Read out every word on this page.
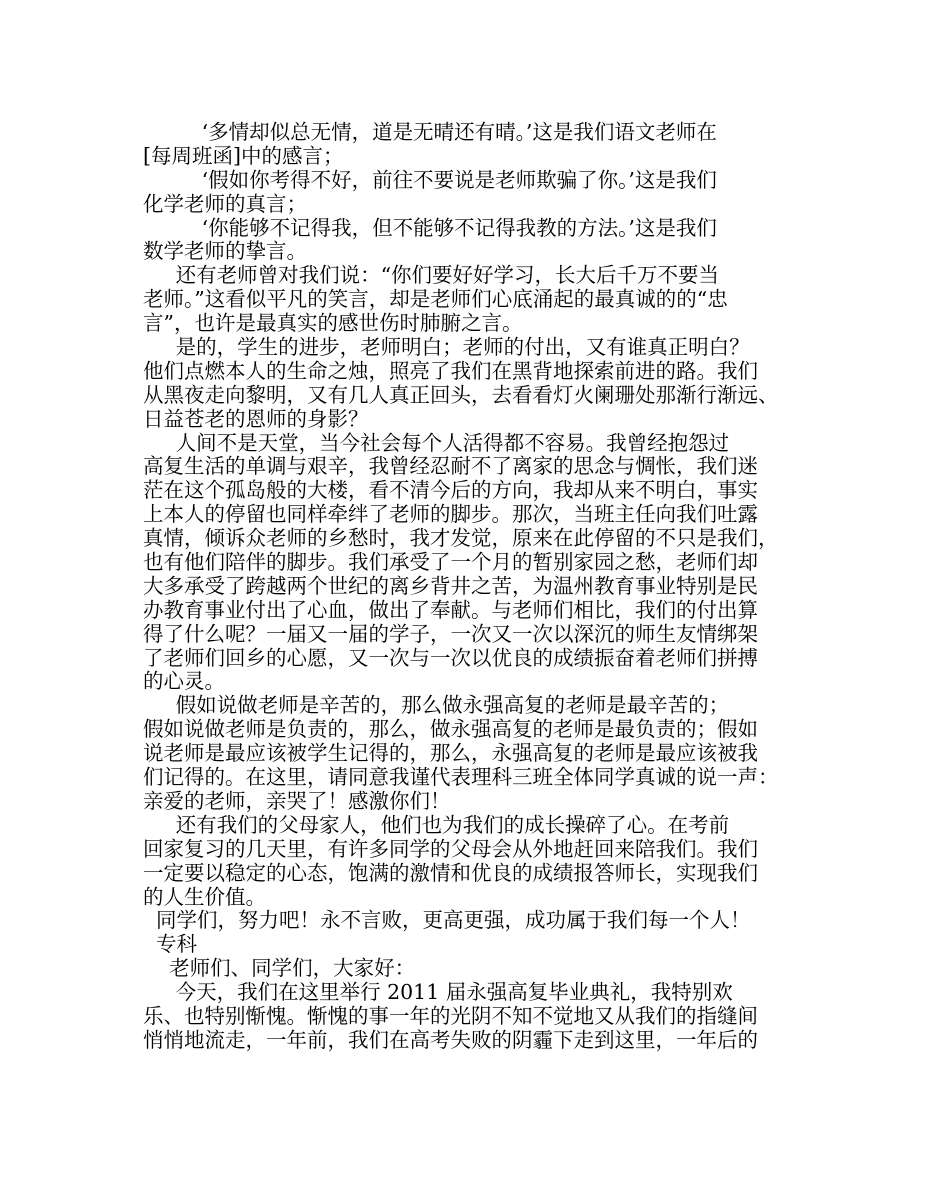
‘多情却似总无情，道是无晴还有晴。’这是我们语文老师在
[每周班函]中的感言；
‘假如你考得不好，前往不要说是老师欺骗了你。’这是我们
化学老师的真言；
‘你能够不记得我，但不能够不记得我教的方法。’这是我们
数学老师的挚言。
还有老师曾对我们说：“你们要好好学习，长大后千万不要当
老师。”这看似平凡的笑言，却是老师们心底涌起的最真诚的的“忠
言”，也许是最真实的感世伤时肺腑之言。
是的，学生的进步，老师明白；老师的付出，又有谁真正明白？
他们点燃本人的生命之烛，照亮了我们在黑背地探索前进的路。我们
从黑夜走向黎明，又有几人真正回头，去看看灯火阑珊处那渐行渐远、
日益苍老的恩师的身影？
人间不是天堂，当今社会每个人活得都不容易。我曾经抱怨过
高复生活的单调与艰辛，我曾经忍耐不了离家的思念与惆怅，我们迷
茫在这个孤岛般的大楼，看不清今后的方向，我却从来不明白，事实
上本人的停留也同样牵绊了老师的脚步。那次，当班主任向我们吐露
真情，倾诉众老师的乡愁时，我才发觉，原来在此停留的不只是我们，
也有他们陪伴的脚步。我们承受了一个月的暂别家园之愁，老师们却
大多承受了跨越两个世纪的离乡背井之苦，为温州教育事业特别是民
办教育事业付出了心血，做出了奉献。与老师们相比，我们的付出算
得了什么呢？一届又一届的学子，一次又一次以深沉的师生友情绑架
了老师们回乡的心愿，又一次与一次以优良的成绩振奋着老师们拼搏
的心灵。
假如说做老师是辛苦的，那么做永强高复的老师是最辛苦的；
假如说做老师是负责的，那么，做永强高复的老师是最负责的；假如
说老师是最应该被学生记得的，那么，永强高复的老师是最应该被我
们记得的。在这里，请同意我谨代表理科三班全体同学真诚的说一声：
亲爱的老师，亲哭了！感激你们！
还有我们的父母家人，他们也为我们的成长操碎了心。在考前
回家复习的几天里，有许多同学的父母会从外地赶回来陪我们。我们
一定要以稳定的心态，饱满的激情和优良的成绩报答师长，实现我们
的人生价值。
同学们，努力吧！永不言败，更高更强，成功属于我们每一个人！
专科
老师们、同学们，大家好：
今天，我们在这里举行 2011 届永强高复毕业典礼，我特别欢
乐、也特别惭愧。惭愧的事一年的光阴不知不觉地又从我们的指缝间
悄悄地流走，一年前，我们在高考失败的阴霾下走到这里，一年后的
